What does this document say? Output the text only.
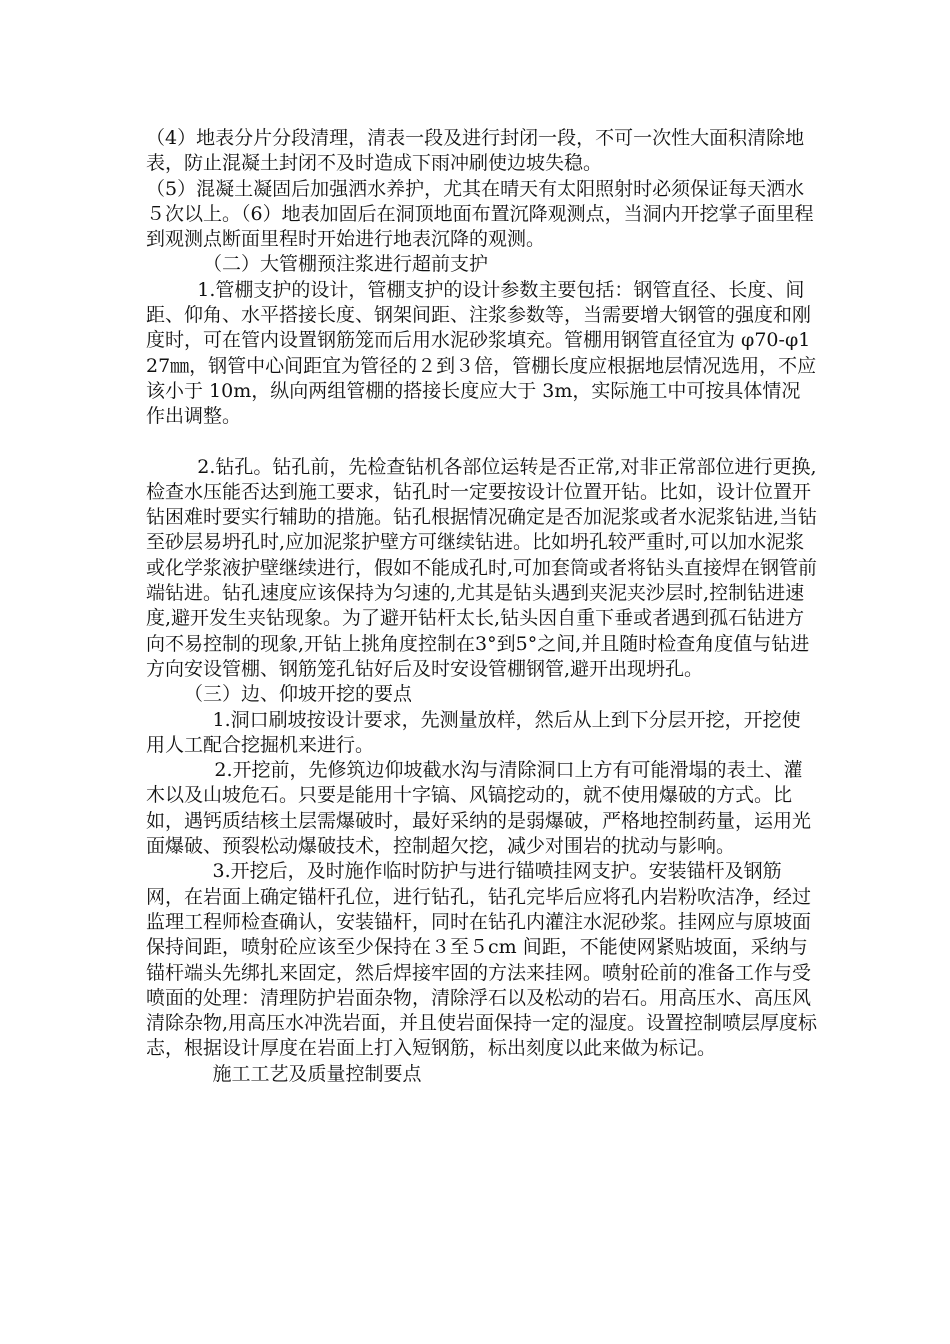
（4）地表分片分段清理，清表一段及进行封闭一段，不可一次性大面积清除地表，防止混凝土封闭不及时造成下雨冲刷使边坡失稳。

（5）混凝土凝固后加强洒水养护，尤其在晴天有太阳照射时必须保证每天洒水５次以上。（6）地表加固后在洞顶地面布置沉降观测点，当洞内开挖掌子面里程到观测点断面里程时开始进行地表沉降的观测。

（二）大管棚预注浆进行超前支护

1.管棚支护的设计，管棚支护的设计参数主要包括：钢管直径、长度、间距、仰角、水平搭接长度、钢架间距、注浆参数等，当需要增大钢管的强度和刚度时，可在管内设置钢筋笼而后用水泥砂浆填充。管棚用钢管直径宜为 φ70-φ127㎜，钢管中心间距宜为管径的２到３倍，管棚长度应根据地层情况选用，不应该小于 10m，纵向两组管棚的搭接长度应大于 3m，实际施工中可按具体情况作出调整。

2.钻孔。钻孔前，先检查钻机各部位运转是否正常,对非正常部位进行更换,检查水压能否达到施工要求，钻孔时一定要按设计位置开钻。比如，设计位置开钻困难时要实行辅助的措施。钻孔根据情况确定是否加泥浆或者水泥浆钻进,当钻至砂层易坍孔时,应加泥浆护壁方可继续钻进。比如坍孔较严重时,可以加水泥浆或化学浆液护壁继续进行，假如不能成孔时,可加套筒或者将钻头直接焊在钢管前端钻进。钻孔速度应该保持为匀速的,尤其是钻头遇到夹泥夹沙层时,控制钻进速度,避开发生夹钻现象。为了避开钻杆太长,钻头因自重下垂或者遇到孤石钻进方向不易控制的现象,开钻上挑角度控制在3°到5°之间,并且随时检查角度值与钻进方向安设管棚、钢筋笼孔钻好后及时安设管棚钢管,避开出现坍孔。

（三）边、仰坡开挖的要点

1.洞口刷坡按设计要求，先测量放样，然后从上到下分层开挖，开挖使用人工配合挖掘机来进行。

2.开挖前，先修筑边仰坡截水沟与清除洞口上方有可能滑塌的表土、灌木以及山坡危石。只要是能用十字镐、风镐挖动的，就不使用爆破的方式。比如，遇钙质结核土层需爆破时，最好采纳的是弱爆破，严格地控制药量，运用光面爆破、预裂松动爆破技术，控制超欠挖，减少对围岩的扰动与影响。

3.开挖后，及时施作临时防护与进行锚喷挂网支护。安装锚杆及钢筋网，在岩面上确定锚杆孔位，进行钻孔，钻孔完毕后应将孔内岩粉吹洁净，经过监理工程师检查确认，安装锚杆，同时在钻孔内灌注水泥砂浆。挂网应与原坡面保持间距，喷射砼应该至少保持在３至５cm 间距，不能使网紧贴坡面，采纳与锚杆端头先绑扎来固定，然后焊接牢固的方法来挂网。喷射砼前的准备工作与受喷面的处理：清理防护岩面杂物，清除浮石以及松动的岩石。用高压水、高压风清除杂物,用高压水冲洗岩面，并且使岩面保持一定的湿度。设置控制喷层厚度标志，根据设计厚度在岩面上打入短钢筋，标出刻度以此来做为标记。

施工工艺及质量控制要点
